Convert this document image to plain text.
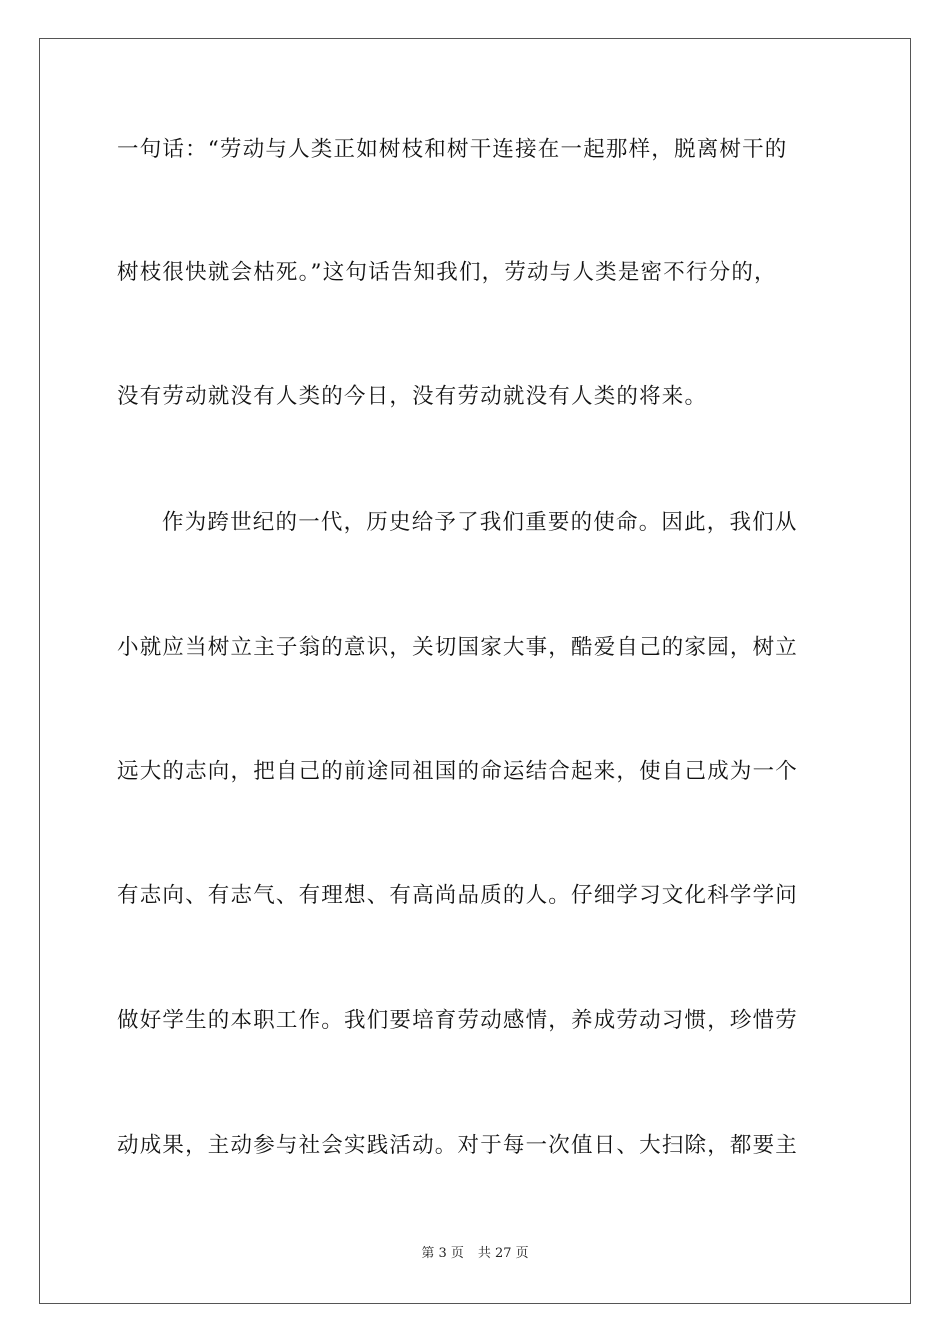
一句话：“劳动与人类正如树枝和树干连接在一起那样，脱离树干的
树枝很快就会枯死。”这句话告知我们，劳动与人类是密不行分的，
没有劳动就没有人类的今日，没有劳动就没有人类的将来。
作为跨世纪的一代，历史给予了我们重要的使命。因此，我们从
小就应当树立主子翁的意识，关切国家大事，酷爱自己的家园，树立
远大的志向，把自己的前途同祖国的命运结合起来，使自己成为一个
有志向、有志气、有理想、有高尚品质的人。仔细学习文化科学学问
做好学生的本职工作。我们要培育劳动感情，养成劳动习惯，珍惜劳
动成果，主动参与社会实践活动。对于每一次值日、大扫除，都要主
第 3 页 共 27 页
